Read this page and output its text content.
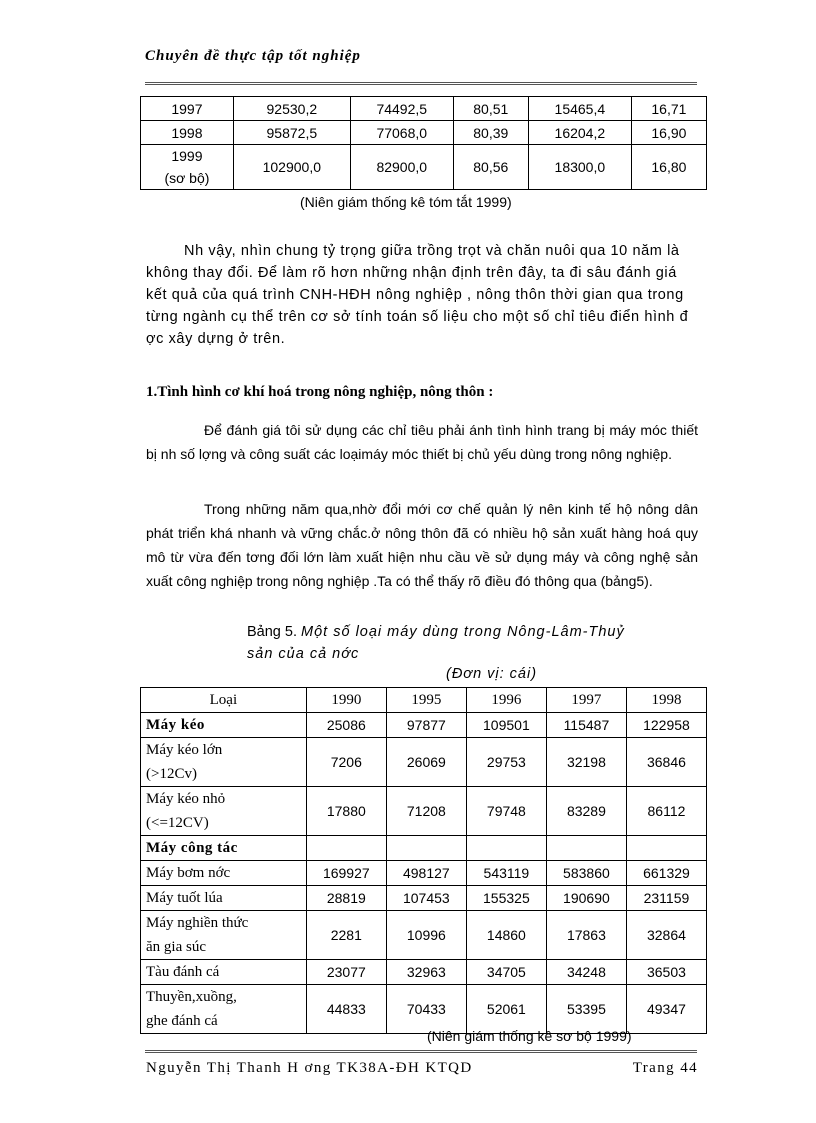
Chuyên đề thực tập tốt nghiệp
1997	92530,2	74492,5	80,51	15465,4	16,71
1998	95872,5	77068,0	80,39	16204,2	16,90
1999
(sơ bộ)	102900,0	82900,0	80,56	18300,0	16,80
(Niên giám thống kê tóm tắt 1999)

Nh vậy, nhìn chung tỷ trọng giữa trồng trọt và chăn nuôi qua 10 năm là không thay đổi. Để làm rõ hơn những nhận định trên đây, ta đi sâu đánh giá kết quả của quá trình CNH-HĐH nông nghiệp , nông thôn thời gian qua trong từng ngành cụ thể trên cơ sở tính toán số liệu cho một số chỉ tiêu điển hình đ ợc xây dựng ở trên.

1.Tình hình cơ khí hoá trong nông nghiệp, nông thôn :

Để đánh giá tôi sử dụng các chỉ tiêu phải ánh tình hình trang bị máy móc thiết bị nh số lợng và công suất các loạimáy móc thiết bị chủ yếu dùng trong nông nghiệp.

Trong những năm qua,nhờ đổi mới cơ chế quản lý nên kinh tế hộ nông dân phát triển khá nhanh và vững chắc.ở nông thôn đã có nhiều hộ sản xuất hàng hoá quy mô từ vừa đến tơng đối lớn làm xuất hiện nhu cầu về sử dụng máy và công nghệ sản xuất công nghiệp trong nông nghiệp .Ta có thể thấy rõ điều đó thông qua (bảng5).

Bảng 5. Một số loại máy dùng trong Nông-Lâm-Thuỷ
sản của cả nớc
(Đơn vị: cái)
Loại	1990	1995	1996	1997	1998
Máy kéo	25086	97877	109501	115487	122958
Máy kéo lớn
(>12Cv)	7206	26069	29753	32198	36846
Máy kéo nhỏ
(<=12CV)	17880	71208	79748	83289	86112
Máy công tác					
Máy bơm nớc	169927	498127	543119	583860	661329
Máy tuốt lúa	28819	107453	155325	190690	231159
Máy nghiền thức
ăn gia súc	2281	10996	14860	17863	32864
Tàu đánh cá	23077	32963	34705	34248	36503
Thuyền,xuồng,
ghe đánh cá	44833	70433	52061	53395	49347
(Niên giám thống kê sơ bộ 1999)
Nguyễn Thị Thanh H ơng TK38A-ĐH KTQD	Trang 44
